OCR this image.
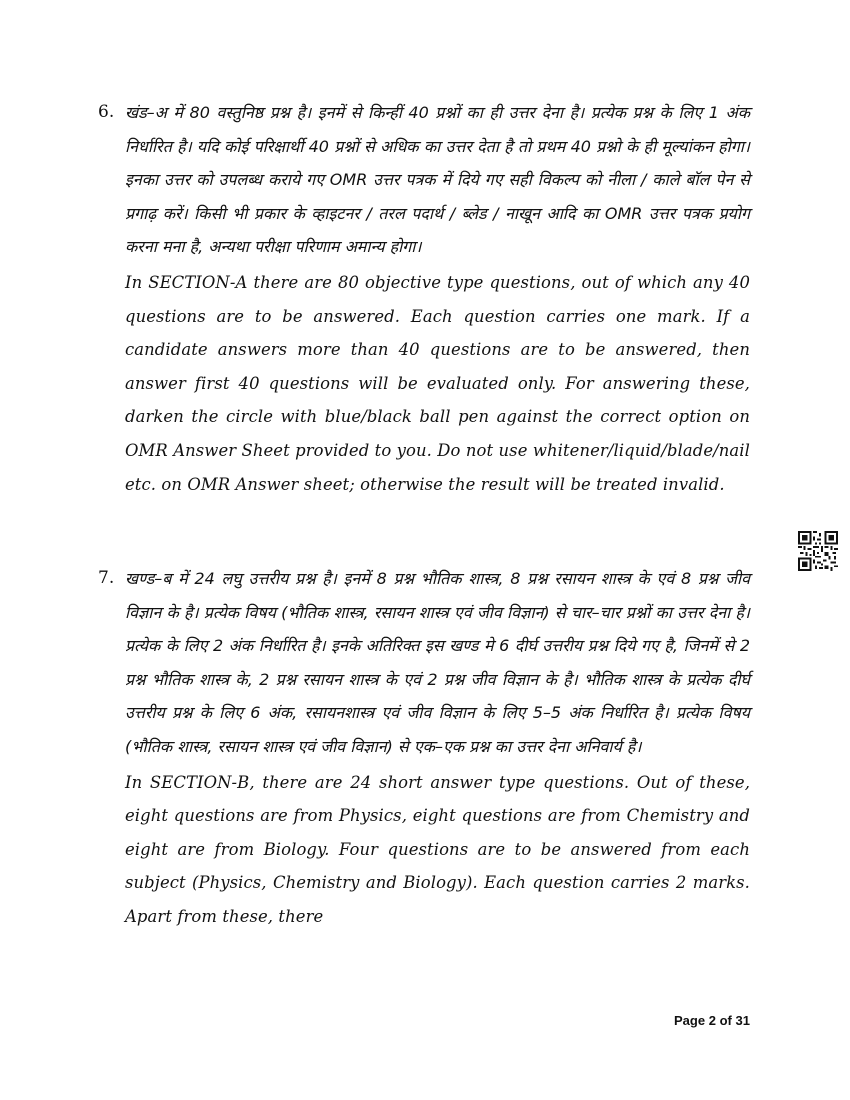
6. खंड–अ में 80 वस्तुनिष्ठ प्रश्न है। इनमें से किन्हीं 40 प्रश्नों का ही उत्तर देना है। प्रत्येक प्रश्न के लिए 1 अंक निर्धारित है। यदि कोई परिक्षार्थी 40 प्रश्नों से अधिक का उत्तर देता है तो प्रथम 40 प्रश्नो के ही मूल्यांकन होगा। इनका उत्तर को उपलब्ध कराये गए OMR उत्तर पत्रक में दिये गए सही विकल्प को नीला / काले बॉल पेन से प्रगाढ़ करें। किसी भी प्रकार के व्हाइटनर / तरल पदार्थ / ब्लेड / नाखून आदि का OMR उत्तर पत्रक प्रयोग करना मना है, अन्यथा परीक्षा परिणाम अमान्य होगा।

In SECTION-A there are 80 objective type questions, out of which any 40 questions are to be answered. Each question carries one mark. If a candidate answers more than 40 questions are to be answered, then answer first 40 questions will be evaluated only. For answering these, darken the circle with blue/black ball pen against the correct option on OMR Answer Sheet provided to you. Do not use whitener/liquid/blade/nail etc. on OMR Answer sheet; otherwise the result will be treated invalid.

7. खण्ड–ब में 24 लघु उत्तरीय प्रश्न है। इनमें 8 प्रश्न भौतिक शास्त्र, 8 प्रश्न रसायन शास्त्र के एवं 8 प्रश्न जीव विज्ञान के है। प्रत्येक विषय (भौतिक शास्त्र, रसायन शास्त्र एवं जीव विज्ञान) से चार–चार प्रश्नों का उत्तर देना है। प्रत्येक के लिए 2 अंक निर्धारित है। इनके अतिरिक्त इस खण्ड मे 6 दीर्घ उत्तरीय प्रश्न दिये गए है, जिनमें से 2 प्रश्न भौतिक शास्त्र के, 2 प्रश्न रसायन शास्त्र के एवं 2 प्रश्न जीव विज्ञान के है। भौतिक शास्त्र के प्रत्येक दीर्घ उत्तरीय प्रश्न के लिए 6 अंक, रसायनशास्त्र एवं जीव विज्ञान के लिए 5–5 अंक निर्धारित है। प्रत्येक विषय (भौतिक शास्त्र, रसायन शास्त्र एवं जीव विज्ञान) से एक–एक प्रश्न का उत्तर देना अनिवार्य है।

In SECTION-B, there are 24 short answer type questions. Out of these, eight questions are from Physics, eight questions are from Chemistry and eight are from Biology. Four questions are to be answered from each subject (Physics, Chemistry and Biology). Each question carries 2 marks. Apart from these, there

Page 2 of 31
